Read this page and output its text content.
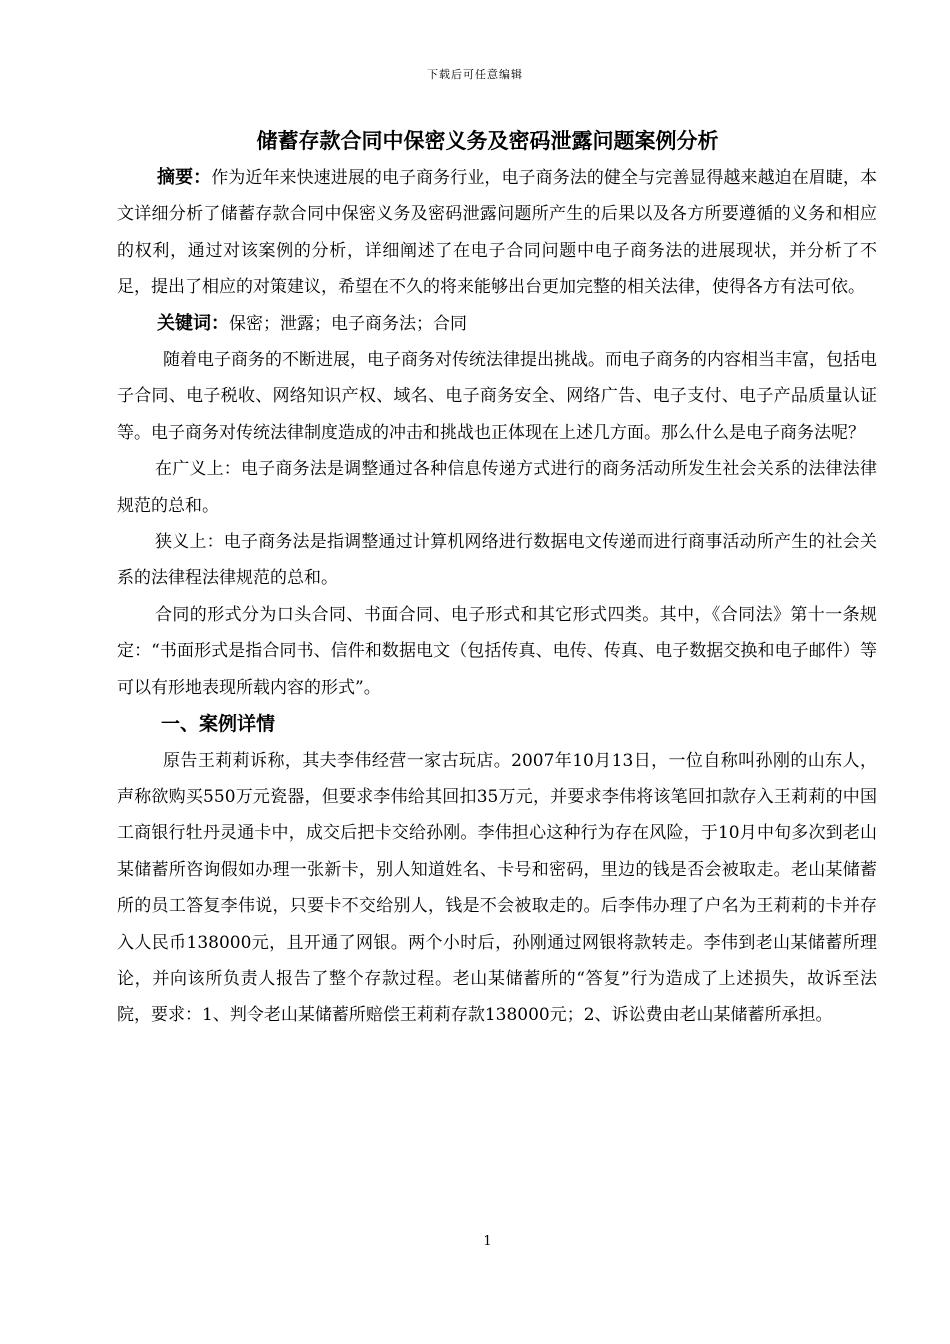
下载后可任意编辑
储蓄存款合同中保密义务及密码泄露问题案例分析

摘要：作为近年来快速进展的电子商务行业，电子商务法的健全与完善显得越来越迫在眉睫，本文详细分析了储蓄存款合同中保密义务及密码泄露问题所产生的后果以及各方所要遵循的义务和相应的权利，通过对该案例的分析，详细阐述了在电子合同问题中电子商务法的进展现状，并分析了不足，提出了相应的对策建议，希望在不久的将来能够出台更加完整的相关法律，使得各方有法可依。

关键词：保密；泄露；电子商务法；合同

随着电子商务的不断进展，电子商务对传统法律提出挑战。而电子商务的内容相当丰富，包括电子合同、电子税收、网络知识产权、域名、电子商务安全、网络广告、电子支付、电子产品质量认证等。电子商务对传统法律制度造成的冲击和挑战也正体现在上述几方面。那么什么是电子商务法呢？

在广义上：电子商务法是调整通过各种信息传递方式进行的商务活动所发生社会关系的法律法律规范的总和。

狭义上：电子商务法是指调整通过计算机网络进行数据电文传递而进行商事活动所产生的社会关系的法律程法律规范的总和。

合同的形式分为口头合同、书面合同、电子形式和其它形式四类。其中，《合同法》第十一条规定：“书面形式是指合同书、信件和数据电文（包括传真、电传、传真、电子数据交换和电子邮件）等可以有形地表现所载内容的形式”。

一、案例详情

原告王莉莉诉称，其夫李伟经营一家古玩店。2007年10月13日，一位自称叫孙刚的山东人，声称欲购买550万元瓷器，但要求李伟给其回扣35万元，并要求李伟将该笔回扣款存入王莉莉的中国工商银行牡丹灵通卡中，成交后把卡交给孙刚。李伟担心这种行为存在风险，于10月中旬多次到老山某储蓄所咨询假如办理一张新卡，别人知道姓名、卡号和密码，里边的钱是否会被取走。老山某储蓄所的员工答复李伟说，只要卡不交给别人，钱是不会被取走的。后李伟办理了户名为王莉莉的卡并存入人民币138000元，且开通了网银。两个小时后，孙刚通过网银将款转走。李伟到老山某储蓄所理论，并向该所负责人报告了整个存款过程。老山某储蓄所的“答复”行为造成了上述损失，故诉至法院，要求：1、判令老山某储蓄所赔偿王莉莉存款138000元；2、诉讼费由老山某储蓄所承担。

1
